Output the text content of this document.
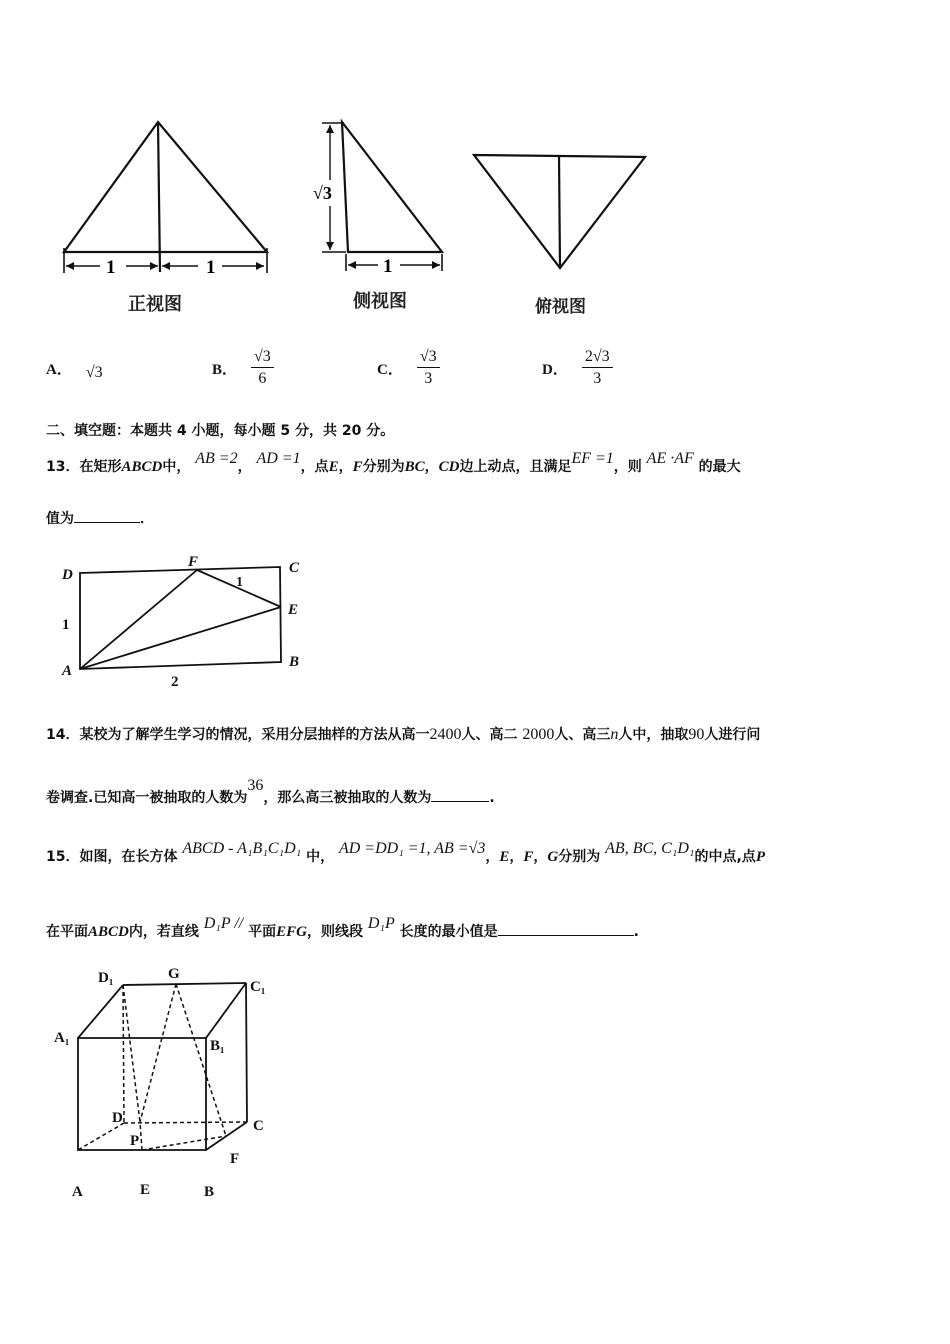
1	1
正视图
√3
1
侧视图	俯视图
A． √3	B． $\frac{√3}{6}$	C． $\frac{√3}{3}$	D． $\frac{2√3}{3}$
二、填空题：本题共 4 小题，每小题 5 分，共 20 分。
13．在矩形ABCD中， AB =2， AD =1，点E，F分别为BC，CD边上动点，且满足EF =1，则 AE ·AF 的最大
值为	．
D
F	C
E
B
A
1
2
1
14．某校为了解学生学习的情况，采用分层抽样的方法从高一2400人、高二 2000人、高三n人中，抽取90人进行问
卷调查.已知高一被抽取的人数为36，那么高三被抽取的人数为	.
15．如图，在长方体 ABCD - A₁B₁C₁D₁ 中， AD =DD₁ =1, AB =√3，E，F，G分别为 AB, BC, C₁D₁的中点,点P
在平面ABCD内，若直线 D₁P // 平面EFG，则线段 D₁P 长度的最小值是	.
D₁	G
C₁
A₁	B₁
D	C
P
F
A	E	B
